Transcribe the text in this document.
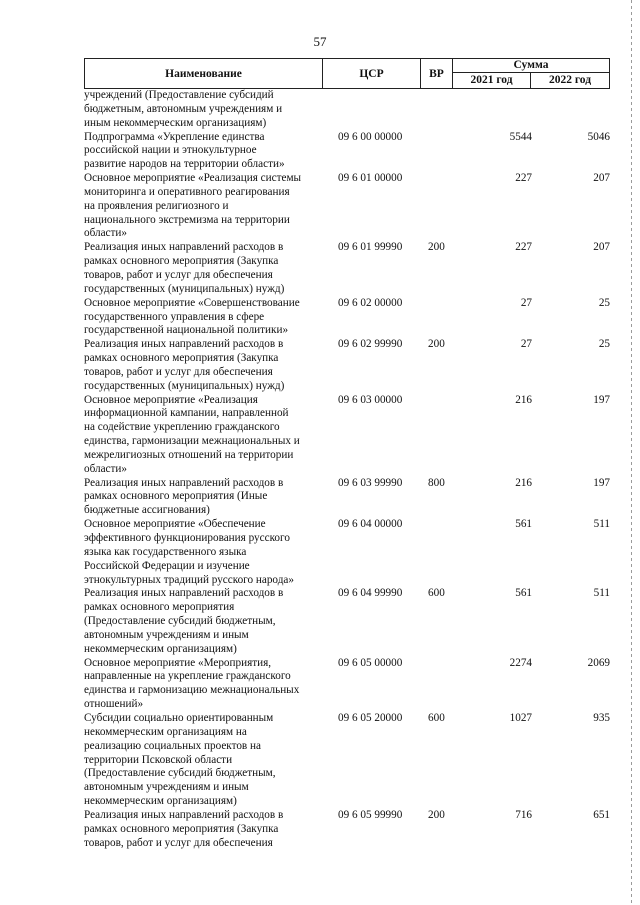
57
Наименование	ЦСР	ВР
Сумма
2021 год	2022 год
учреждений (Предоставление субсидий
бюджетным, автономным учреждениям и
иным некоммерческим организациям)
Подпрограмма «Укрепление единства
российской нации и этнокультурное
развитие народов на территории области»
09 6 00 00000	5544	5046
Основное мероприятие «Реализация системы
мониторинга и оперативного реагирования
на проявления религиозного и
национального экстремизма на территории
области»
09 6 01 00000	227	207
Реализация иных направлений расходов в
рамках основного мероприятия (Закупка
товаров, работ и услуг для обеспечения
государственных (муниципальных) нужд)
09 6 01 99990 200	227	207
Основное мероприятие «Совершенствование
государственного управления в сфере
государственной национальной политики»
09 6 02 00000	27	25
Реализация иных направлений расходов в
рамках основного мероприятия (Закупка
товаров, работ и услуг для обеспечения
государственных (муниципальных) нужд)
09 6 02 99990 200	27	25
Основное мероприятие «Реализация
информационной кампании, направленной
на содействие укреплению гражданского
единства, гармонизации межнациональных и
межрелигиозных отношений на территории
области»
09 6 03 00000	216	197
Реализация иных направлений расходов в
рамках основного мероприятия (Иные
бюджетные ассигнования)
09 6 03 99990 800	216	197
Основное мероприятие «Обеспечение
эффективного функционирования русского
языка как государственного языка
Российской Федерации и изучение
этнокультурных традиций русского народа»
09 6 04 00000	561	511
Реализация иных направлений расходов в
рамках основного мероприятия
(Предоставление субсидий бюджетным,
автономным учреждениям и иным
некоммерческим организациям)
09 6 04 99990 600	561	511
Основное мероприятие «Мероприятия,
направленные на укрепление гражданского
единства и гармонизацию межнациональных
отношений»
09 6 05 00000	2274	2069
Субсидии социально ориентированным
некоммерческим организациям на
реализацию социальных проектов на
территории Псковской области
(Предоставление субсидий бюджетным,
автономным учреждениям и иным
некоммерческим организациям)
09 6 05 20000 600	1027	935
Реализация иных направлений расходов в
рамках основного мероприятия (Закупка
товаров, работ и услуг для обеспечения
09 6 05 99990 200	716	651
